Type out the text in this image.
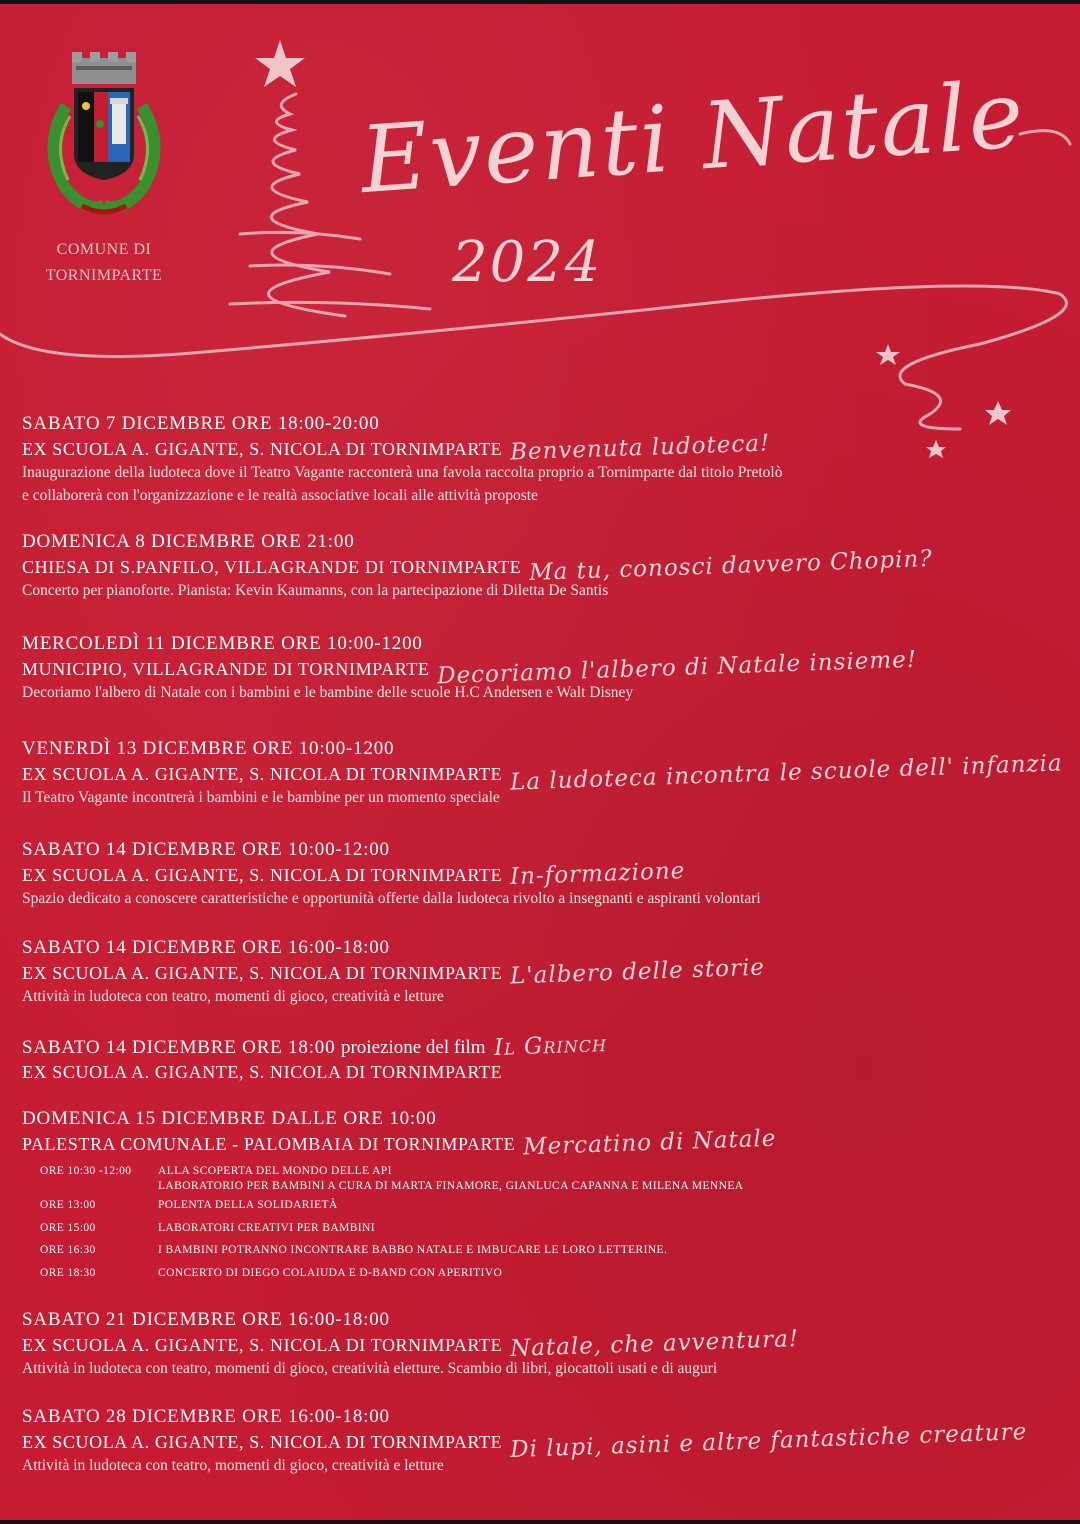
COMUNE DI TORNIMPARTE
Eventi Natale
2024
SABATO 7 DICEMBRE ORE 18:00-20:00
EX SCUOLA A. GIGANTE, S. NICOLA DI TORNIMPARTE Benvenuta ludoteca!
Inaugurazione della ludoteca dove il Teatro Vagante racconterà una favola raccolta proprio a Tornimparte dal titolo Pretolò
e collaborerà con l'organizzazione e le realtà associative locali alle attività proposte
DOMENICA 8 DICEMBRE ORE 21:00
CHIESA DI S.PANFILO, VILLAGRANDE DI TORNIMPARTE Ma tu, conosci davvero Chopin?
Concerto per pianoforte. Pianista: Kevin Kaumanns, con la partecipazione di Diletta De Santis
MERCOLEDÌ 11 DICEMBRE ORE 10:00-1200
MUNICIPIO, VILLAGRANDE DI TORNIMPARTE Decoriamo l'albero di Natale insieme!
Decoriamo l'albero di Natale con i bambini e le bambine delle scuole H.C Andersen e Walt Disney
VENERDÌ 13 DICEMBRE ORE 10:00-1200
EX SCUOLA A. GIGANTE, S. NICOLA DI TORNIMPARTE La ludoteca incontra le scuole dell' infanzia
Il Teatro Vagante incontrerà i bambini e le bambine per un momento speciale
SABATO 14 DICEMBRE ORE 10:00-12:00
EX SCUOLA A. GIGANTE, S. NICOLA DI TORNIMPARTE In-formazione
Spazio dedicato a conoscere caratteristiche e opportunità offerte dalla ludoteca rivolto a insegnanti e aspiranti volontari
SABATO 14 DICEMBRE ORE 16:00-18:00
EX SCUOLA A. GIGANTE, S. NICOLA DI TORNIMPARTE L'albero delle storie
Attività in ludoteca con teatro, momenti di gioco, creatività e letture
SABATO 14 DICEMBRE ORE 18:00 proiezione del film Il Grinch
EX SCUOLA A. GIGANTE, S. NICOLA DI TORNIMPARTE
DOMENICA 15 DICEMBRE DALLE ORE 10:00
PALESTRA COMUNALE - PALOMBAIA DI TORNIMPARTE Mercatino di Natale
ORE 10:30 -12:00	ALLA SCOPERTA DEL MONDO DELLE API
LABORATORIO PER BAMBINI A CURA DI MARTA FINAMORE, GIANLUCA CAPANNA E MILENA MENNEA
ORE 13:00	POLENTA DELLA SOLIDARIETÀ
ORE 15:00	LABORATORI CREATIVI PER BAMBINI
ORE 16:30	I BAMBINI POTRANNO INCONTRARE BABBO NATALE E IMBUCARE LE LORO LETTERINE.
ORE 18:30	CONCERTO DI DIEGO COLAIUDA E D-BAND CON APERITIVO
SABATO 21 DICEMBRE ORE 16:00-18:00
EX SCUOLA A. GIGANTE, S. NICOLA DI TORNIMPARTE Natale, che avventura!
Attività in ludoteca con teatro, momenti di gioco, creatività eletture. Scambio di libri, giocattoli usati e di auguri
SABATO 28 DICEMBRE ORE 16:00-18:00
EX SCUOLA A. GIGANTE, S. NICOLA DI TORNIMPARTE Di lupi, asini e altre fantastiche creature
Attività in ludoteca con teatro, momenti di gioco, creatività e letture
